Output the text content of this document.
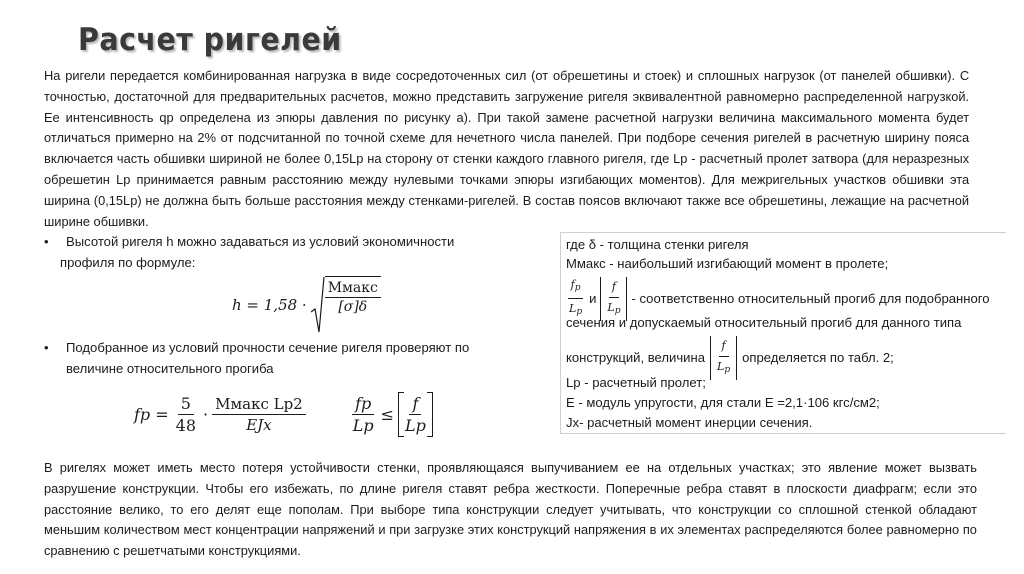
Расчет ригелей
На ригели передается комбинированная нагрузка в виде сосредоточенных сил (от обрешетины и стоек) и сплошных нагрузок (от панелей обшивки). С точностью, достаточной для предварительных расчетов, можно представить загружение ригеля эквивалентной равномерно распределенной нагрузкой. Ее интенсивность qp определена из эпюры давления по рисунку а). При такой замене расчетной нагрузки величина максимального момента будет отличаться примерно на 2% от подсчитанной по точной схеме для нечетного числа панелей. При подборе сечения ригелей в расчетную ширину пояса включается часть обшивки шириной не более 0,15Lp на сторону от стенки каждого главного ригеля, где Lp - расчетный пролет затвора (для неразрезных обрешетин Lp принимается равным расстоянию между нулевыми точками эпюры изгибающих моментов). Для межригельных участков обшивки эта ширина (0,15Lp) не должна быть больше расстояния между стенками-ригелей. В состав поясов включают также все обрешетины, лежащие на расчетной ширине обшивки.
• Высотой ригеля h можно задаваться из условий экономичности
профиля по формуле:
$h = 1,58 \cdot \frac{\text{Mмакс}}{[\sigma]\delta}$
• Подобранное из условий прочности сечение ригеля проверяют по
величине относительного прогиба
fp = $\frac{5}{48} \cdot \frac{\text{Mмакс Lp2}}{\text{EJx}}$	$\frac{fp}{Lp} \le \frac{f}{Lp}$
где δ - толщина стенки ригеля
Mмакс - наибольший изгибающий момент в пролете;
$\frac{f_p}{L_p}$ и $\frac{f}{L_p}$ - соответственно относительный прогиб для подобранного
сечения и допускаемый относительный прогиб для данного типа
конструкций, величина $\frac{f}{L_p}$ определяется по табл. 2;
Lp - расчетный пролет;
E - модуль упругости, для стали E =2,1·106 кгс/см2;
Jx- расчетный момент инерции сечения.
В ригелях может иметь место потеря устойчивости стенки, проявляющаяся выпучиванием ее на отдельных участках; это явление может вызвать разрушение конструкции. Чтобы его избежать, по длине ригеля ставят ребра жесткости. Поперечные ребра ставят в плоскости диафрагм; если это расстояние велико, то его делят еще пополам. При выборе типа конструкции следует учитывать, что конструкции со сплошной стенкой обладают меньшим количеством мест концентрации напряжений и при загрузке этих конструкций напряжения в их элементах распределяются более равномерно по сравнению с решетчатыми конструкциями.
